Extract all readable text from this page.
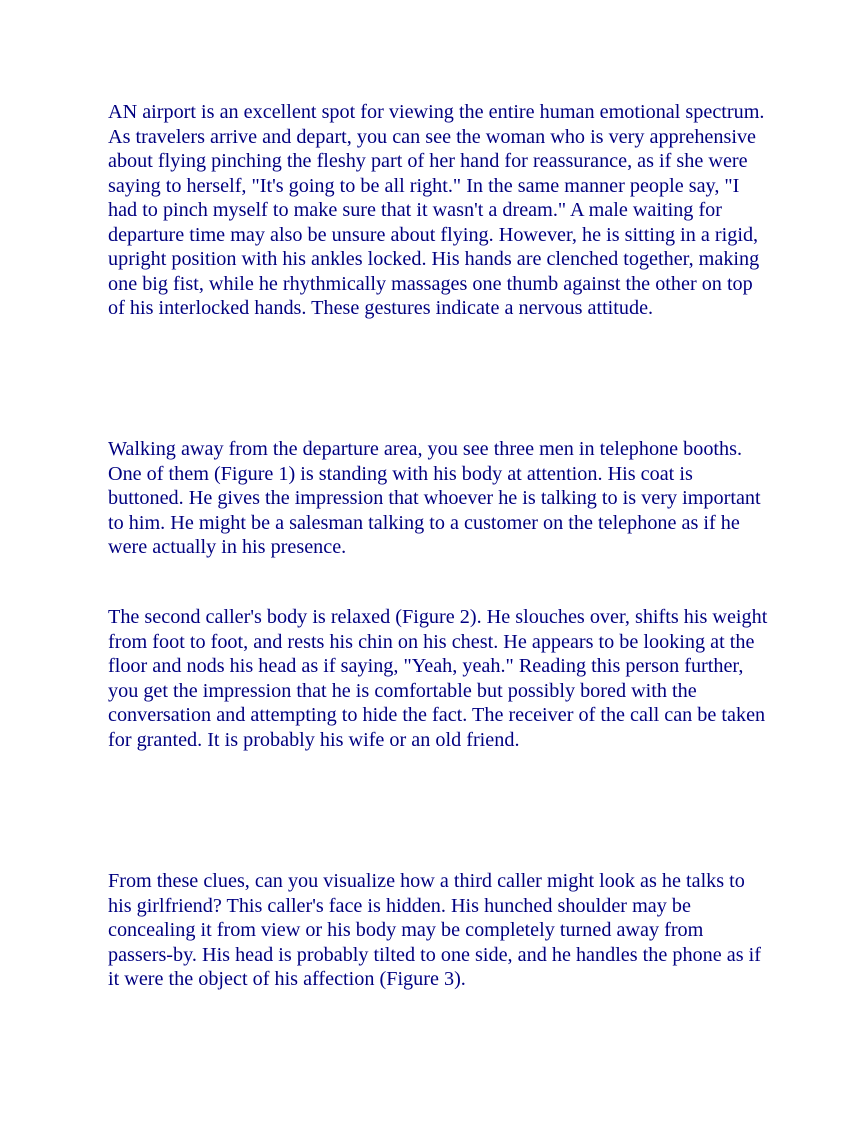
AN airport is an excellent spot for viewing the entire human emotional spectrum. As travelers arrive and depart, you can see the woman who is very apprehensive about flying pinching the fleshy part of her hand for reassurance, as if she were saying to herself, "It's going to be all right." In the same manner people say, "I had to pinch myself to make sure that it wasn't a dream." A male waiting for departure time may also be unsure about flying. However, he is sitting in a rigid, upright position with his ankles locked. His hands are clenched together, making one big fist, while he rhythmically massages one thumb against the other on top of his interlocked hands. These gestures indicate a nervous attitude.

Walking away from the departure area, you see three men in telephone booths. One of them (Figure 1) is standing with his body at attention. His coat is buttoned. He gives the impression that whoever he is talking to is very important to him. He might be a salesman talking to a customer on the telephone as if he were actually in his presence.

The second caller's body is relaxed (Figure 2). He slouches over, shifts his weight from foot to foot, and rests his chin on his chest. He appears to be looking at the floor and nods his head as if saying, "Yeah, yeah." Reading this person further, you get the impression that he is comfortable but possibly bored with the conversation and attempting to hide the fact. The receiver of the call can be taken for granted. It is probably his wife or an old friend.

From these clues, can you visualize how a third caller might look as he talks to his girlfriend? This caller's face is hidden. His hunched shoulder may be concealing it from view or his body may be completely turned away from passers-by. His head is probably tilted to one side, and he handles the phone as if it were the object of his affection (Figure 3).
